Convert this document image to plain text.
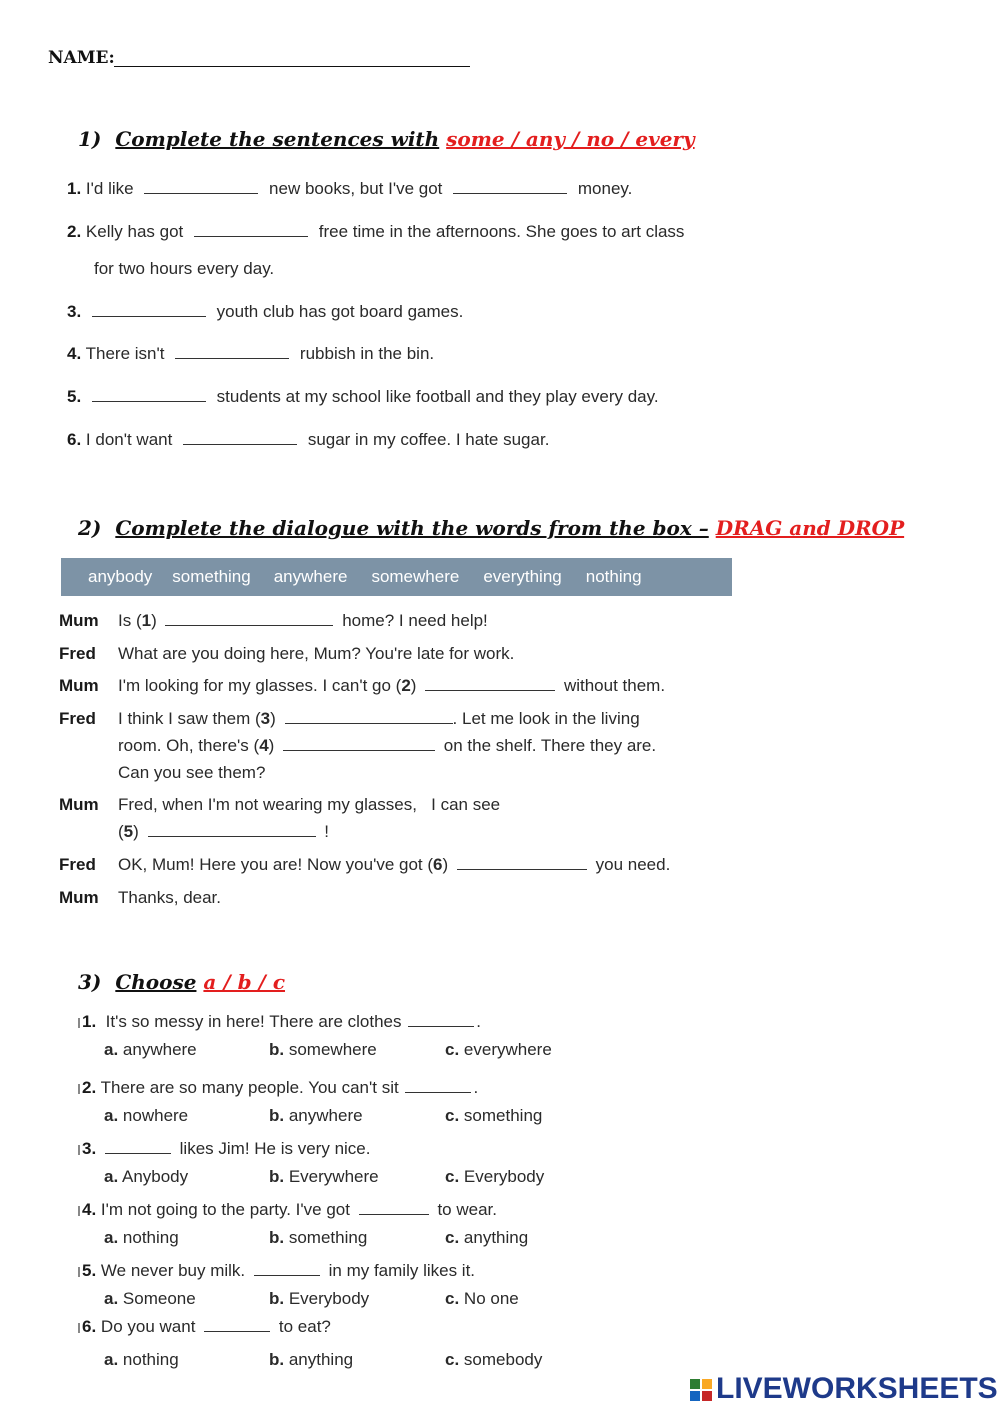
NAME:
1) Complete the sentences with some / any / no / every
1. I'd like	new books, but I've got	money.
2. Kelly has got	free time in the afternoons. She goes to art class
for two hours every day.
3.	youth club has got board games.
4. There isn't	rubbish in the bin.
5.	students at my school like football and they play every day.
6. I don't want	sugar in my coffee. I hate sugar.
2) Complete the dialogue with the words from the box – DRAG and DROP
anybody something anywhere somewhere everything nothing
Mum Is (1)	home? I need help!
Fred What are you doing here, Mum? You're late for work.
Mum I'm looking for my glasses. I can't go (2)	without them.
Fred I think I saw them (3)	. Let me look in the living
room. Oh, there's (4)	on the shelf. There they are.
Can you see them?
Mum Fred, when I'm not wearing my glasses,   I can see
(5)	!
Fred OK, Mum! Here you are! Now you've got (6)	you need.
Mum Thanks, dear.
3) Choose a / b / c
1. It's so messy in here! There are clothes	.
a. anywhere	b. somewhere	c. everywhere
2. There are so many people. You can't sit	.
a. nowhere	b. anywhere	c. something
3.	likes Jim! He is very nice.
a. Anybody	b. Everywhere	c. Everybody
4. I'm not going to the party. I've got	to wear.
a. nothing	b. something	c. anything
5. We never buy milk.	in my family likes it.
a. Someone	b. Everybody	c. No one
6. Do you want	to eat?
a. nothing	b. anything	c. somebody
LIVEWORKSHEETS
